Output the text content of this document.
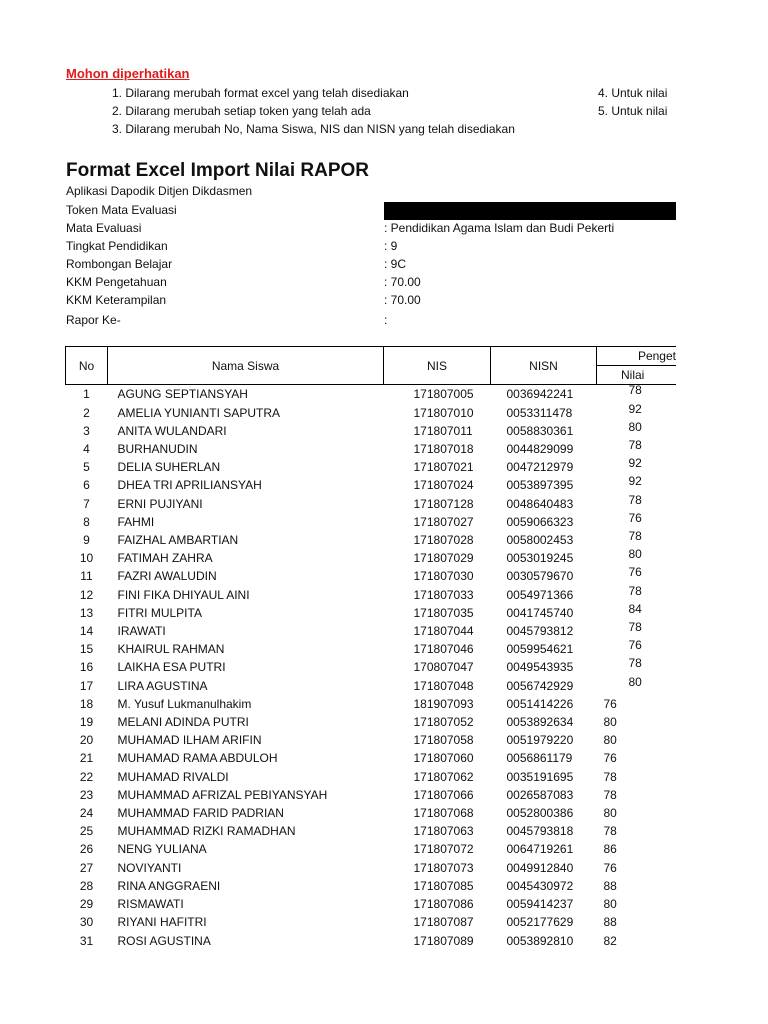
Mohon diperhatikan
1. Dilarang merubah format excel yang telah disediakan
2. Dilarang merubah setiap token yang telah ada
3. Dilarang merubah No, Nama Siswa, NIS dan NISN yang telah disediakan
4. Untuk nilai
5. Untuk nilai
Format Excel Import Nilai RAPOR
Aplikasi Dapodik Ditjen Dikdasmen
Token Mata Evaluasi
Mata Evaluasi	: Pendidikan Agama Islam dan Budi Pekerti
Tingkat Pendidikan	: 9
Rombongan Belajar	: 9C
KKM Pengetahuan	: 70.00
KKM Keterampilan	: 70.00
Rapor Ke-	:
No	Nama Siswa	NIS	NISN	Penget
				Nilai
1	AGUNG SEPTIANSYAH	171807005	0036942241	78

2	AMELIA YUNIANTI SAPUTRA	171807010	0053311478	92

3	ANITA WULANDARI	171807011	0058830361	80

4	BURHANUDIN	171807018	0044829099	78

5	DELIA SUHERLAN	171807021	0047212979	92

6	DHEA TRI APRILIANSYAH	171807024	0053897395	92

7	ERNI PUJIYANI	171807128	0048640483	78

8	FAHMI	171807027	0059066323	76

9	FAIZHAL AMBARTIAN	171807028	0058002453	78

10	FATIMAH ZAHRA	171807029	0053019245	80

11	FAZRI AWALUDIN	171807030	0030579670	76

12	FINI FIKA DHIYAUL AINI	171807033	0054971366	78

13	FITRI MULPITA	171807035	0041745740	84

14	IRAWATI	171807044	0045793812	78

15	KHAIRUL RAHMAN	171807046	0059954621	76

16	LAIKHA ESA PUTRI	170807047	0049543935	78

17	LIRA AGUSTINA	171807048	0056742929	80

18	M. Yusuf Lukmanulhakim	181907093	0051414226	76

19	MELANI ADINDA PUTRI	171807052	0053892634	80

20	MUHAMAD ILHAM ARIFIN	171807058	0051979220	80

21	MUHAMAD RAMA ABDULOH	171807060	0056861179	76

22	MUHAMAD RIVALDI	171807062	0035191695	78

23	MUHAMMAD AFRIZAL PEBIYANSYAH	171807066	0026587083	78

24	MUHAMMAD FARID PADRIAN	171807068	0052800386	80

25	MUHAMMAD RIZKI RAMADHAN	171807063	0045793818	78

26	NENG YULIANA	171807072	0064719261	86

27	NOVIYANTI	171807073	0049912840	76

28	RINA ANGGRAENI	171807085	0045430972	88

29	RISMAWATI	171807086	0059414237	80

30	RIYANI HAFITRI	171807087	0052177629	88

31	ROSI AGUSTINA	171807089	0053892810	82
